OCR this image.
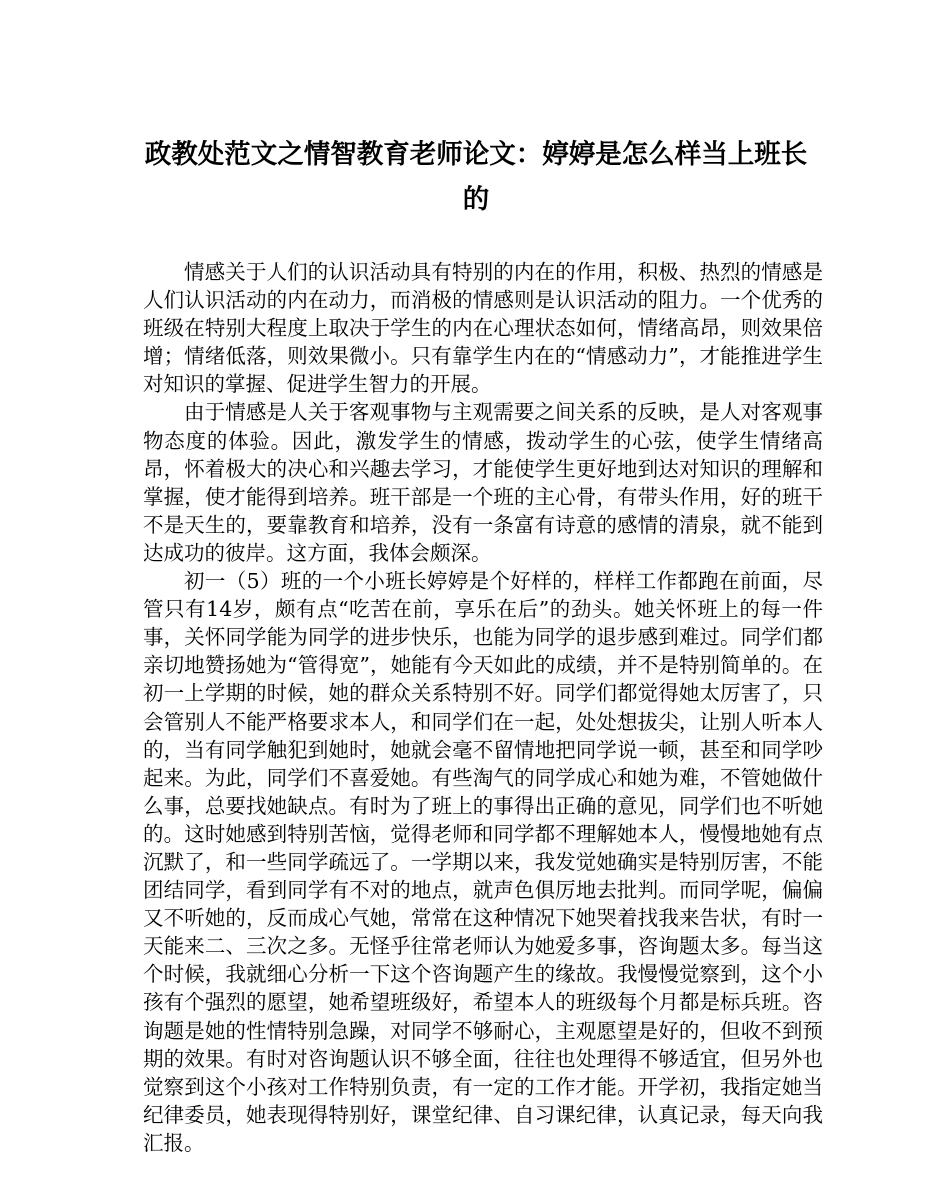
政教处范文之情智教育老师论文：婷婷是怎么样当上班长的

情感关于人们的认识活动具有特别的内在的作用，积极、热烈的情感是人们认识活动的内在动力，而消极的情感则是认识活动的阻力。一个优秀的班级在特别大程度上取决于学生的内在心理状态如何，情绪高昂，则效果倍增；情绪低落，则效果微小。只有靠学生内在的“情感动力”，才能推进学生对知识的掌握、促进学生智力的开展。

由于情感是人关于客观事物与主观需要之间关系的反映，是人对客观事物态度的体验。因此，激发学生的情感，拨动学生的心弦，使学生情绪高昂，怀着极大的决心和兴趣去学习，才能使学生更好地到达对知识的理解和掌握，使才能得到培养。班干部是一个班的主心骨，有带头作用，好的班干不是天生的，要靠教育和培养，没有一条富有诗意的感情的清泉，就不能到达成功的彼岸。这方面，我体会颇深。

初一（5）班的一个小班长婷婷是个好样的，样样工作都跑在前面，尽管只有14岁，颇有点“吃苦在前，享乐在后”的劲头。她关怀班上的每一件事，关怀同学能为同学的进步快乐，也能为同学的退步感到难过。同学们都亲切地赞扬她为“管得宽”，她能有今天如此的成绩，并不是特别简单的。在初一上学期的时候，她的群众关系特别不好。同学们都觉得她太厉害了，只会管别人不能严格要求本人，和同学们在一起，处处想拔尖，让别人听本人的，当有同学触犯到她时，她就会毫不留情地把同学说一顿，甚至和同学吵起来。为此，同学们不喜爱她。有些淘气的同学成心和她为难，不管她做什么事，总要找她缺点。有时为了班上的事得出正确的意见，同学们也不听她的。这时她感到特别苦恼，觉得老师和同学都不理解她本人，慢慢地她有点沉默了，和一些同学疏远了。一学期以来，我发觉她确实是特别厉害，不能团结同学，看到同学有不对的地点，就声色俱厉地去批判。而同学呢，偏偏又不听她的，反而成心气她，常常在这种情况下她哭着找我来告状，有时一天能来二、三次之多。无怪乎往常老师认为她爱多事，咨询题太多。每当这个时候，我就细心分析一下这个咨询题产生的缘故。我慢慢觉察到，这个小孩有个强烈的愿望，她希望班级好，希望本人的班级每个月都是标兵班。咨询题是她的性情特别急躁，对同学不够耐心，主观愿望是好的，但收不到预期的效果。有时对咨询题认识不够全面，往往也处理得不够适宜，但另外也觉察到这个小孩对工作特别负责，有一定的工作才能。开学初，我指定她当纪律委员，她表现得特别好，课堂纪律、自习课纪律，认真记录，每天向我汇报。
